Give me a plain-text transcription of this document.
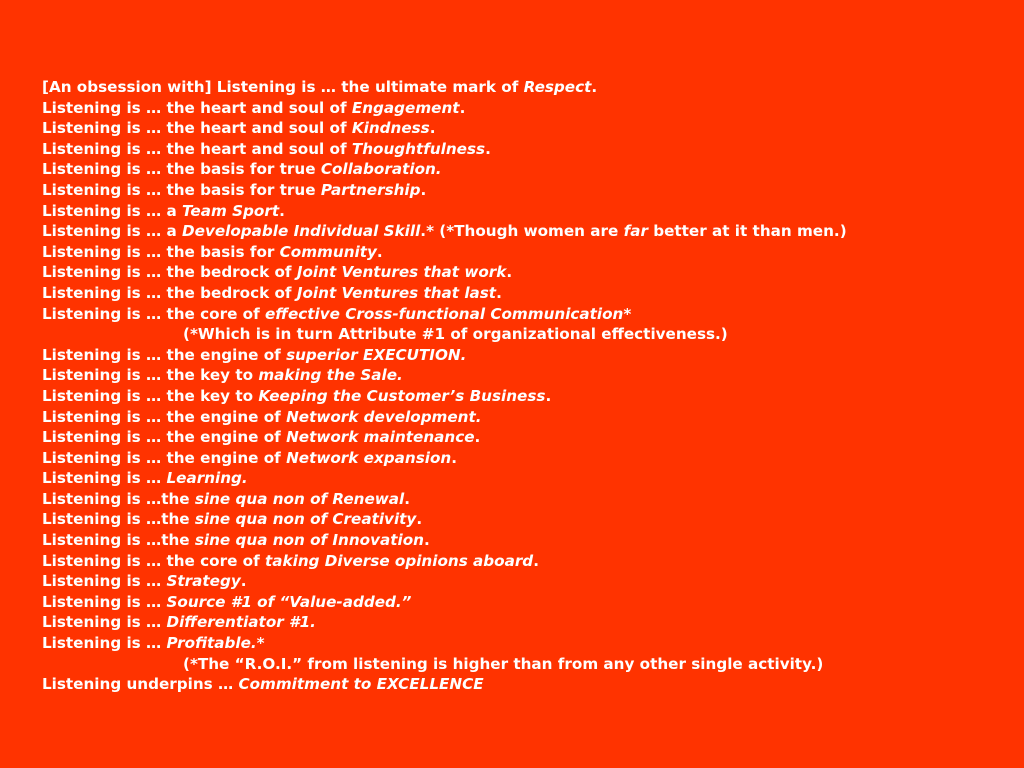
[An obsession with] Listening is … the ultimate mark of Respect.
Listening is … the heart and soul of Engagement.
Listening is … the heart and soul of Kindness.
Listening is … the heart and soul of Thoughtfulness.
Listening is … the basis for true Collaboration.
Listening is … the basis for true Partnership.
Listening is … a Team Sport.
Listening is … a Developable Individual Skill.* (*Though women are far better at it than men.)
Listening is … the basis for Community.
Listening is … the bedrock of Joint Ventures that work.
Listening is … the bedrock of Joint Ventures that last.
Listening is … the core of effective Cross-functional Communication*
(*Which is in turn Attribute #1 of organizational effectiveness.)
Listening is … the engine of superior EXECUTION.
Listening is … the key to making the Sale.
Listening is … the key to Keeping the Customer’s Business.
Listening is … the engine of Network development.
Listening is … the engine of Network maintenance.
Listening is … the engine of Network expansion.
Listening is … Learning.
Listening is …the sine qua non of Renewal.
Listening is …the sine qua non of Creativity.
Listening is …the sine qua non of Innovation.
Listening is … the core of taking Diverse opinions aboard.
Listening is … Strategy.
Listening is … Source #1 of “Value-added.”
Listening is … Differentiator #1.
Listening is … Profitable.*
(*The “R.O.I.” from listening is higher than from any other single activity.)
Listening underpins … Commitment to EXCELLENCE
